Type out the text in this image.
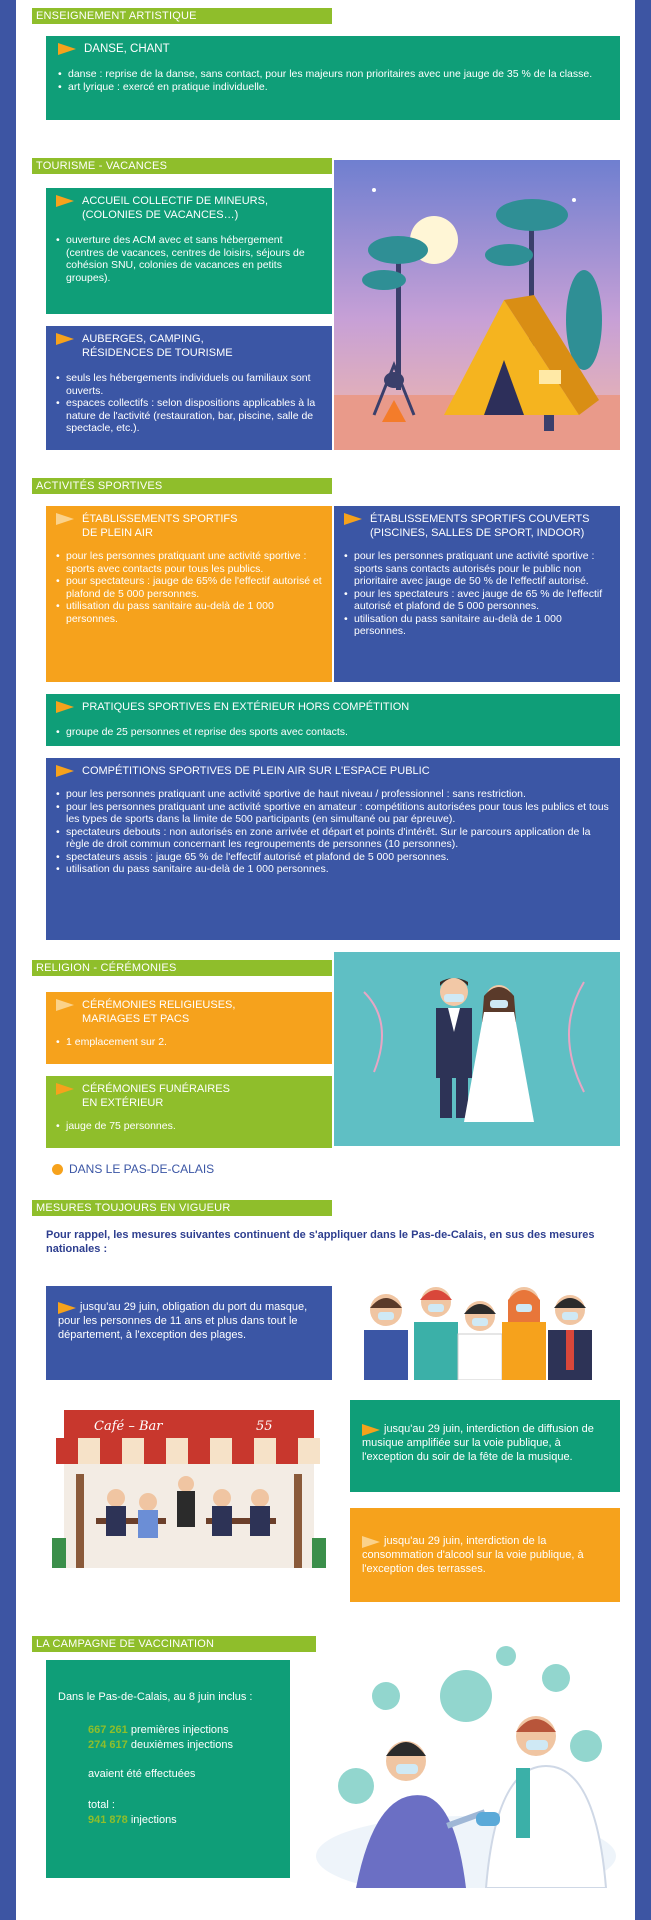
ENSEIGNEMENT ARTISTIQUE
DANSE, CHANT
• danse : reprise de la danse, sans contact, pour les majeurs non prioritaires avec une jauge de 35 % de la classe.
• art lyrique : exercé en pratique individuelle.
TOURISME - VACANCES
ACCUEIL COLLECTIF DE MINEURS,
(COLONIES DE VACANCES…)
• ouverture des ACM avec et sans hébergement (centres de vacances, centres de loisirs, séjours de cohésion SNU, colonies de vacances en petits groupes).
AUBERGES, CAMPING,
RÉSIDENCES DE TOURISME
• seuls les hébergements individuels ou familiaux sont ouverts.
• espaces collectifs : selon dispositions applicables à la nature de l'activité (restauration, bar, piscine, salle de spectacle, etc.).
ACTIVITÉS SPORTIVES
ÉTABLISSEMENTS SPORTIFS
DE PLEIN AIR
• pour les personnes pratiquant une activité sportive : sports avec contacts pour tous les publics.
• pour spectateurs : jauge de 65% de l'effectif autorisé et plafond de 5 000 personnes.
• utilisation du pass sanitaire au-delà de 1 000 personnes.
ÉTABLISSEMENTS SPORTIFS COUVERTS
(PISCINES, SALLES DE SPORT, INDOOR)
• pour les personnes pratiquant une activité sportive : sports sans contacts autorisés pour le public non prioritaire avec jauge de 50 % de l'effectif autorisé.
• pour les spectateurs : avec jauge de 65 % de l'effectif autorisé et plafond de 5 000 personnes.
• utilisation du pass sanitaire au-delà de 1 000 personnes.
PRATIQUES SPORTIVES EN EXTÉRIEUR HORS COMPÉTITION
• groupe de 25 personnes et reprise des sports avec contacts.
COMPÉTITIONS SPORTIVES DE PLEIN AIR SUR L'ESPACE PUBLIC
• pour les personnes pratiquant une activité sportive de haut niveau / professionnel : sans restriction.
• pour les personnes pratiquant une activité sportive en amateur : compétitions autorisées pour tous les publics et tous les types de sports dans la limite de 500 participants (en simultané ou par épreuve).
• spectateurs debouts : non autorisés en zone arrivée et départ et points d'intérêt. Sur le parcours application de la règle de droit commun concernant les regroupements de personnes (10 personnes).
• spectateurs assis : jauge 65 % de l'effectif autorisé et plafond de 5 000 personnes.
• utilisation du pass sanitaire au-delà de 1 000 personnes.
RELIGION - CÉRÉMONIES
CÉRÉMONIES RELIGIEUSES,
MARIAGES ET PACS
• 1 emplacement sur 2.
CÉRÉMONIES FUNÉRAIRES
EN EXTÉRIEUR
• jauge de 75 personnes.
DANS LE PAS-DE-CALAIS
MESURES TOUJOURS EN VIGUEUR
Pour rappel, les mesures suivantes continuent de s'appliquer dans le Pas-de-Calais, en sus des mesures nationales :
jusqu'au 29 juin, obligation du port du masque, pour les personnes de 11 ans et plus dans tout le département, à l'exception des plages.
Café – Bar	55	jusqu'au 29 juin, interdiction de diffusion de musique amplifiée sur la voie publique, à l'exception du soir de la fête de la musique.
jusqu'au 29 juin, interdiction de la consommation d'alcool sur la voie publique, à l'exception des terrasses.
LA CAMPAGNE DE VACCINATION
Dans le Pas-de-Calais, au 8 juin inclus :
667 261 premières injections
274 617 deuxièmes injections
avaient été effectuées
total :
941 878 injections
